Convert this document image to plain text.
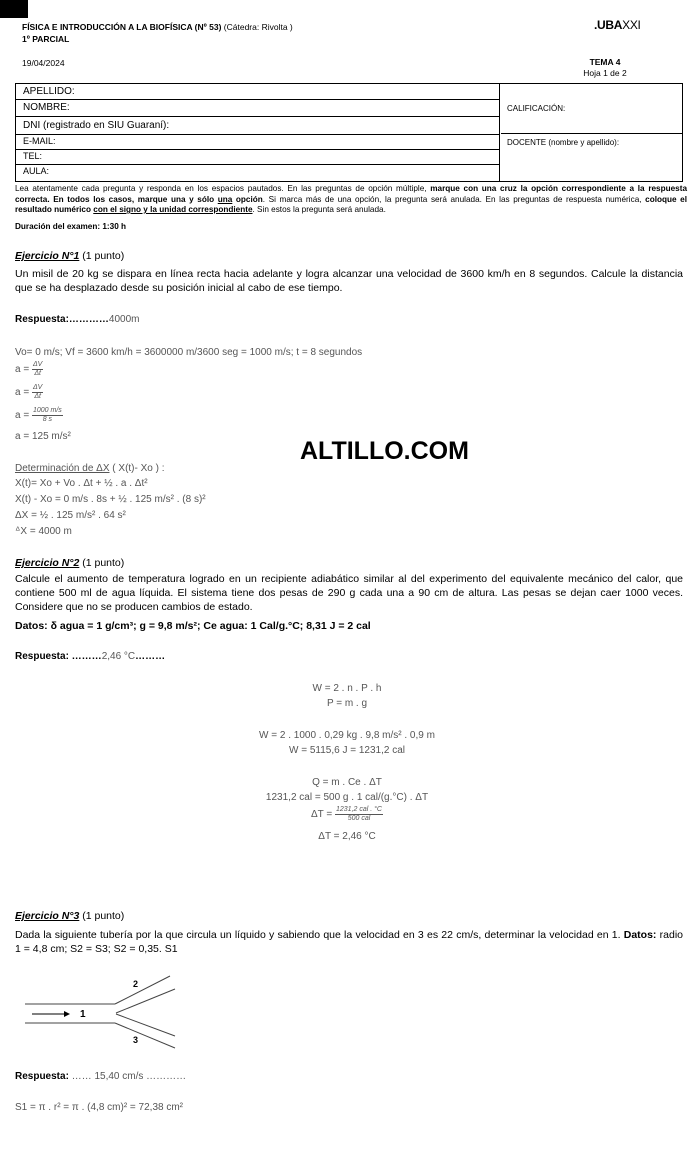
FÍSICA E INTRODUCCIÓN A LA BIOFÍSICA (Nº 53) (Cátedra: Rivolta )
1º PARCIAL
19/04/2024
.UBAXXI
TEMA 4
Hoja 1 de 2
APELLIDO:
NOMBRE:
DNI (registrado en SIU Guaraní):
E-MAIL:
TEL:
AULA:
CALIFICACIÓN:
DOCENTE (nombre y apellido):
Lea atentamente cada pregunta y responda en los espacios pautados. En las preguntas de opción múltiple, marque con una cruz la opción correspondiente a la respuesta correcta. En todos los casos, marque una y sólo una opción. Si marca más de una opción, la pregunta será anulada. En las preguntas de respuesta numérica, coloque el resultado numérico con el signo y la unidad correspondiente. Sin estos la pregunta será anulada.
Duración del examen: 1:30 h
Ejercicio N°1 (1 punto)
Un misil de 20 kg se dispara en línea recta hacia adelante y logra alcanzar una velocidad de 3600 km/h en 8 segundos. Calcule la distancia que se ha desplazado desde su posición inicial al cabo de ese tiempo.
Respuesta:…………4000m
Vo= 0 m/s; Vf = 3600 km/h = 3600000 m/3600 seg = 1000 m/s; t = 8 segundos
$a = \frac{\Delta V}{\Delta t}$
$a = \frac{\Delta V}{\Delta t}$
$a = \frac{1000 m/s}{8 s}$
a = 125 m/s²
ALTILLO.COM
Determinación de ΔX ( X(t)- Xo ) :
X(t)= Xo + Vo . Δt + ½ . a . Δt²
X(t) - Xo = 0 m/s . 8s + ½ . 125 m/s² . (8 s)²
ΔX = ½ . 125 m/s² . 64 s²
ᐞX = 4000 m
Ejercicio N°2 (1 punto)
Calcule el aumento de temperatura logrado en un recipiente adiabático similar al del experimento del equivalente mecánico del calor, que contiene 500 ml de agua líquida. El sistema tiene dos pesas de 290 g cada una a 90 cm de altura. Las pesas se dejan caer 1000 veces. Considere que no se producen cambios de estado.
Datos: δ agua = 1 g/cm³; g = 9,8 m/s²; Ce agua: 1 Cal/g.°C; 8,31 J = 2 cal
Respuesta: ………2,46 °C………
W = 2 . n . P . h
P = m . g
W = 2 . 1000 . 0,29 kg . 9,8 m/s² . 0,9 m
W = 5115,6 J = 1231,2 cal
Q = m . Ce . ΔT
1231,2 cal = 500 g . 1 cal/(g.°C) . ΔT
$\Delta T = \frac{\text{1231,2 cal . °C}}{\text{500 cal}}$
ΔT = 2,46 °C
Ejercicio N°3 (1 punto)
Dada la siguiente tubería por la que circula un líquido y sabiendo que la velocidad en 3 es 22 cm/s, determinar la velocidad en 1. Datos: radio 1 = 4,8 cm; S2 = S3; S2 = 0,35. S1
1
2
3
Respuesta: …… 15,40 cm/s …………
S1 = π . r² = π . (4,8 cm)² = 72,38 cm²
